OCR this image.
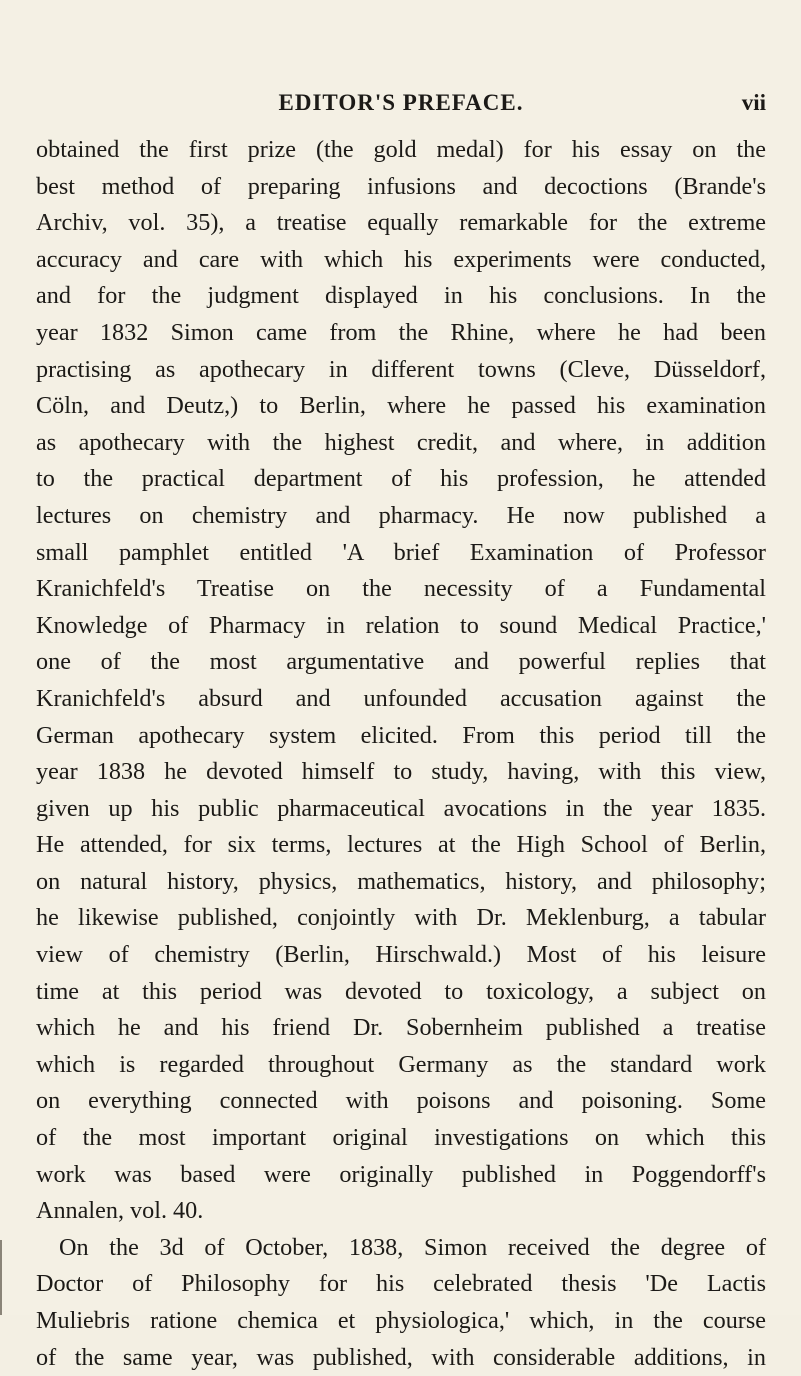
EDITOR'S PREFACE.	vii
obtained the first prize (the gold medal) for his essay on the
best method of preparing infusions and decoctions (Brande's
Archiv, vol. 35), a treatise equally remarkable for the extreme
accuracy and care with which his experiments were conducted,
and for the judgment displayed in his conclusions. In the
year 1832 Simon came from the Rhine, where he had been
practising as apothecary in different towns (Cleve, Düsseldorf,
Cöln, and Deutz,) to Berlin, where he passed his examination
as apothecary with the highest credit, and where, in addition
to the practical department of his profession, he attended
lectures on chemistry and pharmacy. He now published a
small pamphlet entitled 'A brief Examination of Professor
Kranichfeld's Treatise on the necessity of a Fundamental
Knowledge of Pharmacy in relation to sound Medical Practice,'
one of the most argumentative and powerful replies that
Kranichfeld's absurd and unfounded accusation against the
German apothecary system elicited. From this period till the
year 1838 he devoted himself to study, having, with this view,
given up his public pharmaceutical avocations in the year 1835.
He attended, for six terms, lectures at the High School of Berlin,
on natural history, physics, mathematics, history, and philosophy;
he likewise published, conjointly with Dr. Meklenburg, a tabular
view of chemistry (Berlin, Hirschwald.) Most of his leisure
time at this period was devoted to toxicology, a subject on
which he and his friend Dr. Sobernheim published a treatise
which is regarded throughout Germany as the standard work
on everything connected with poisons and poisoning. Some
of the most important original investigations on which this
work was based were originally published in Poggendorff's
Annalen, vol. 40.
On the 3d of October, 1838, Simon received the degree of
Doctor of Philosophy for his celebrated thesis 'De Lactis
Muliebris ratione chemica et physiologica,' which, in the course
of the same year, was published, with considerable additions, in
